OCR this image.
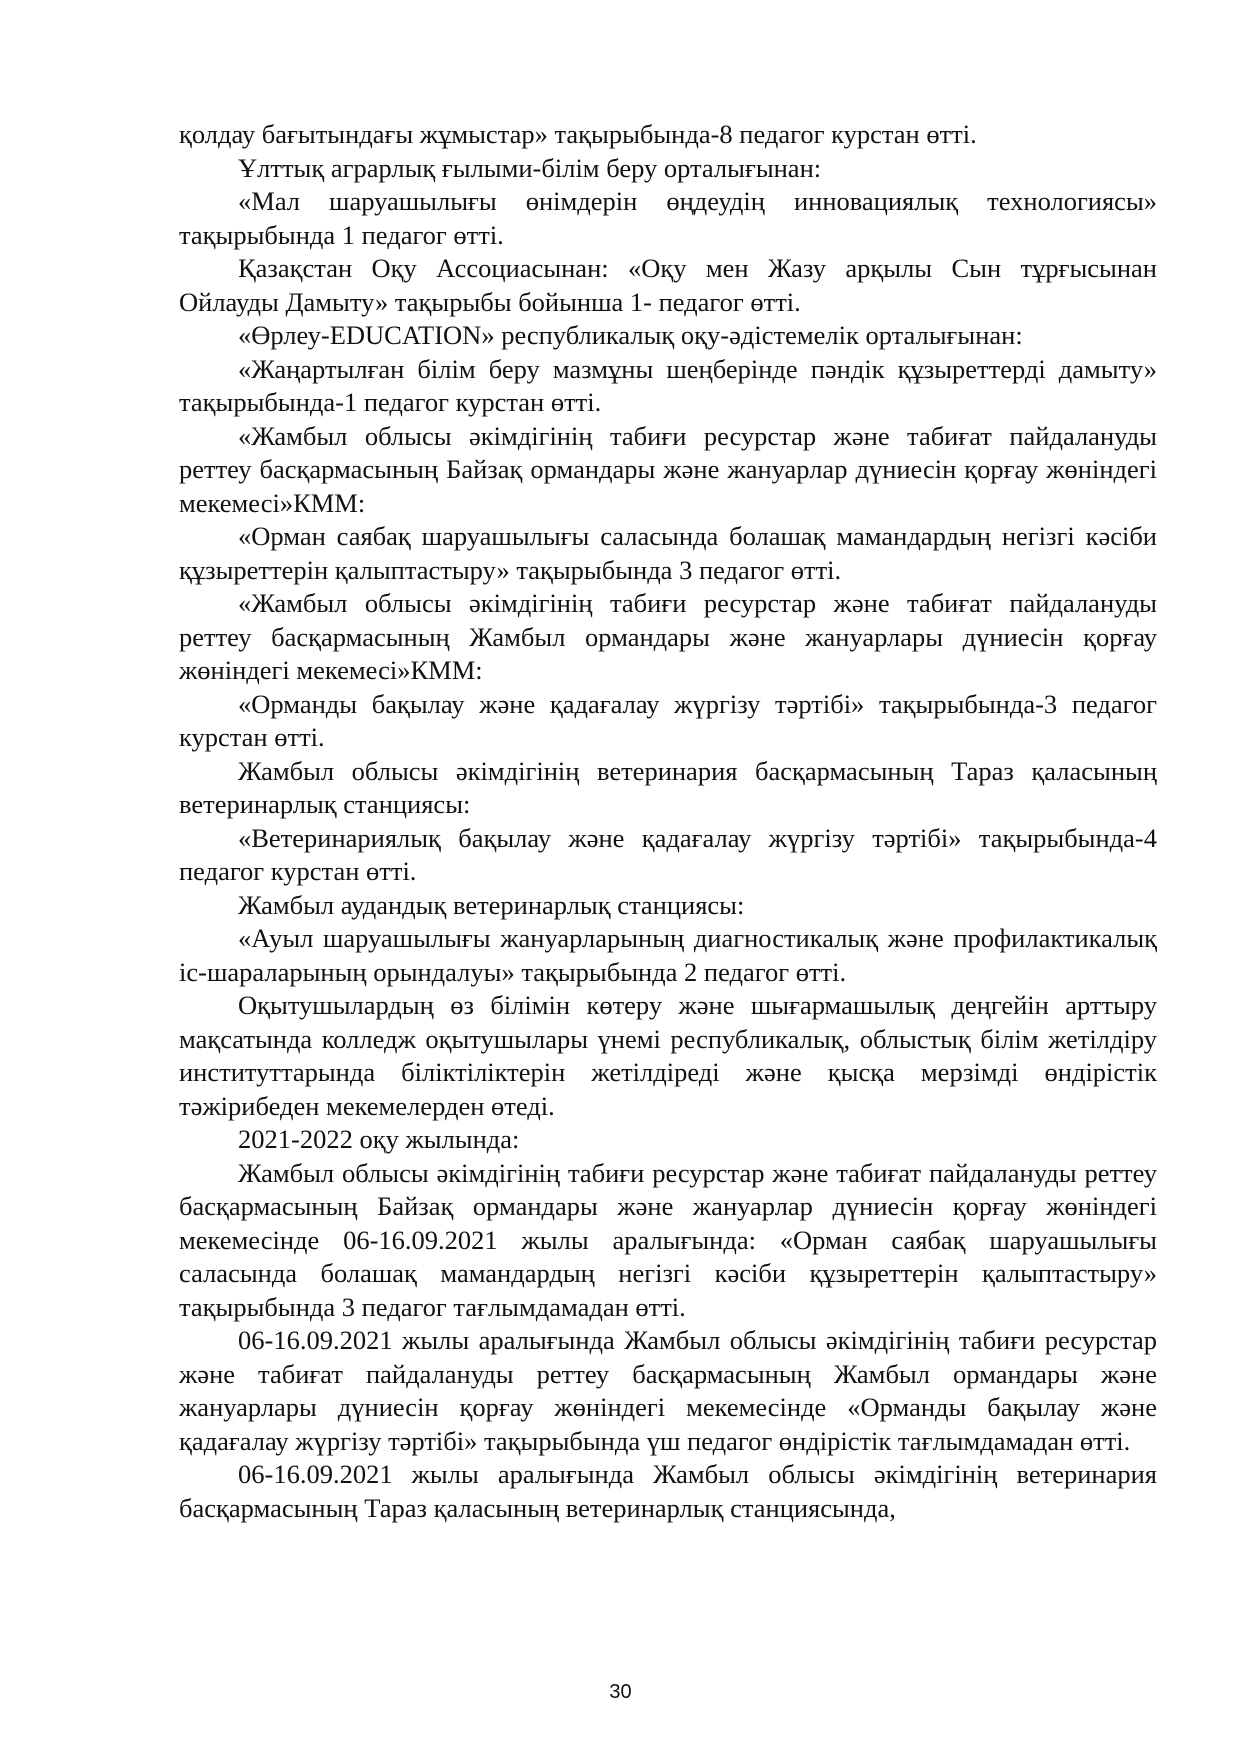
қолдау бағытындағы жұмыстар» тақырыбында-8 педагог курстан өтті.

Ұлттық аграрлық ғылыми-білім беру орталығынан:

«Мал шаруашылығы өнімдерін өңдеудің инновациялық технологиясы» тақырыбында 1 педагог өтті.

Қазақстан Оқу Ассоциасынан: «Оқу мен Жазу арқылы Сын тұрғысынан Ойлауды Дамыту» тақырыбы бойынша 1- педагог өтті.

«Өрлеу-EDUCATION» республикалық оқу-әдістемелік орталығынан:

«Жаңартылған білім беру мазмұны шеңберінде пәндік құзыреттерді дамыту» тақырыбында-1 педагог курстан өтті.

«Жамбыл облысы әкімдігінің табиғи ресурстар және табиғат пайдалануды реттеу басқармасының Байзақ ормандары және жануарлар дүниесін қорғау жөніндегі мекемесі»КММ:

«Орман саябақ шаруашылығы саласында болашақ мамандардың негізгі кәсіби құзыреттерін қалыптастыру» тақырыбында 3 педагог өтті.

«Жамбыл облысы әкімдігінің табиғи ресурстар және табиғат пайдалануды реттеу басқармасының Жамбыл ормандары және жануарлары дүниесін қорғау жөніндегі мекемесі»КММ:

«Орманды бақылау және қадағалау жүргізу тәртібі» тақырыбында-3 педагог курстан өтті.

Жамбыл облысы әкімдігінің ветеринария басқармасының Тараз қаласының ветеринарлық станциясы:

«Ветеринариялық бақылау және қадағалау жүргізу тәртібі» тақырыбында-4 педагог курстан өтті.

Жамбыл аудандық ветеринарлық станциясы:

«Ауыл шаруашылығы жануарларының диагностикалық және профилактикалық іс-шараларының орындалуы» тақырыбында 2 педагог өтті.

Оқытушылардың өз білімін көтеру және шығармашылық деңгейін арттыру мақсатында колледж оқытушылары үнемі республикалық, облыстық білім жетілдіру институттарында біліктіліктерін жетілдіреді және қысқа мерзімді өндірістік тәжірибеден мекемелерден өтеді.

2021-2022 оқу жылында:

Жамбыл облысы әкімдігінің табиғи ресурстар және табиғат пайдалануды реттеу басқармасының Байзақ ормандары және жануарлар дүниесін қорғау жөніндегі мекемесінде 06-16.09.2021 жылы аралығында: «Орман саябақ шаруашылығы саласында болашақ мамандардың негізгі кәсіби құзыреттерін қалыптастыру» тақырыбында 3 педагог тағлымдамадан өтті.

06-16.09.2021 жылы аралығында Жамбыл облысы әкімдігінің табиғи ресурстар және табиғат пайдалануды реттеу басқармасының Жамбыл ормандары және жануарлары дүниесін қорғау жөніндегі мекемесінде «Орманды бақылау және қадағалау жүргізу тәртібі» тақырыбында үш педагог өндірістік тағлымдамадан өтті.

06-16.09.2021 жылы аралығында Жамбыл облысы әкімдігінің ветеринария басқармасының Тараз қаласының ветеринарлық станциясында,

30
